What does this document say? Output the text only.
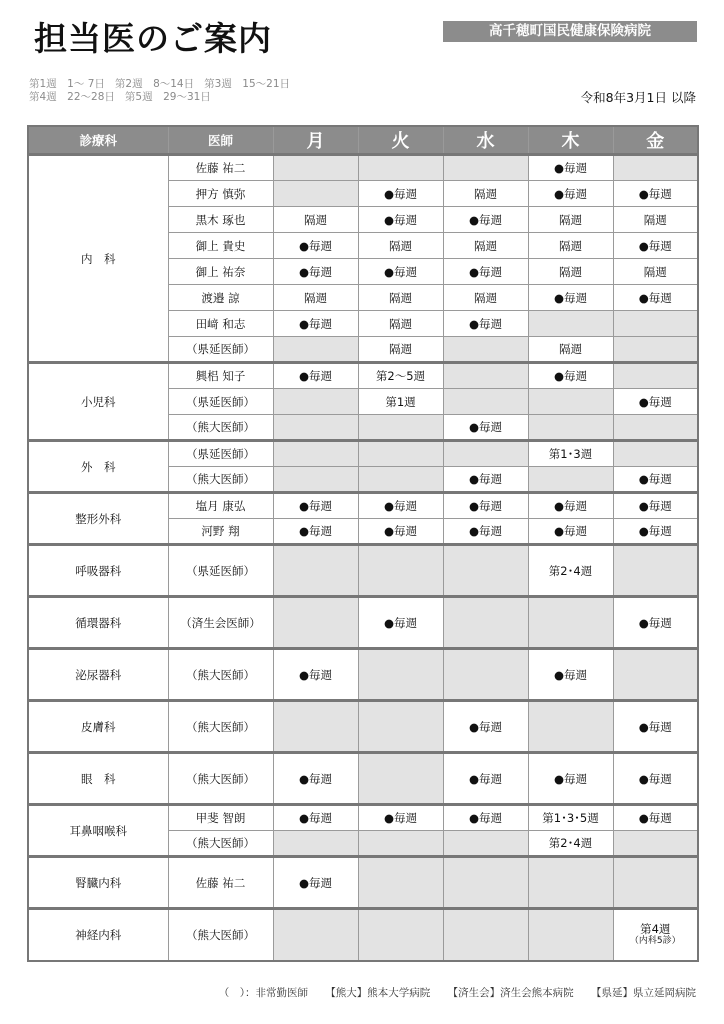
担当医のご案内	高千穂町国民健康保険病院
第1週　1～ 7日 第2週　8～14日 第3週　15～21日
第4週　22～28日 第5週　29～31日	令和8年3月1日 以降
診療科	医師	月	火	水	木	金
内　科	佐藤 祐二				●毎週	
	押方 慎弥		●毎週	隔週	●毎週	●毎週
	黒木 琢也	隔週	●毎週	●毎週	隔週	隔週
	御上 貴史	●毎週	隔週	隔週	隔週	●毎週
	御上 祐奈	●毎週	●毎週	●毎週	隔週	隔週
	渡邉 諒	隔週	隔週	隔週	●毎週	●毎週
	田﨑 和志	●毎週	隔週	●毎週		
	（県延医師）		隔週		隔週	
小児科	興梠 知子	●毎週	第2～5週		●毎週	
	（県延医師）		第1週			●毎週
	（熊大医師）			●毎週		
外　科	（県延医師）				第1･3週	
	（熊大医師）			●毎週		●毎週
整形外科	塩月 康弘	●毎週	●毎週	●毎週	●毎週	●毎週
	河野 翔	●毎週	●毎週	●毎週	●毎週	●毎週
呼吸器科	（県延医師）				第2･4週	
循環器科	（済生会医師）		●毎週			●毎週
泌尿器科	（熊大医師）	●毎週			●毎週	
皮膚科	（熊大医師）			●毎週		●毎週
眼　科	（熊大医師）	●毎週		●毎週	●毎週	●毎週
耳鼻咽喉科	甲斐 智朗	●毎週	●毎週	●毎週	第1･3･5週	●毎週
	（熊大医師）				第2･4週	
腎臓内科	佐藤 祐二	●毎週				
神経内科	（熊大医師）					第4週

（内科5診）
（　）：非常勤医師 【熊大】熊本大学病院 【済生会】済生会熊本病院 【県延】県立延岡病院
